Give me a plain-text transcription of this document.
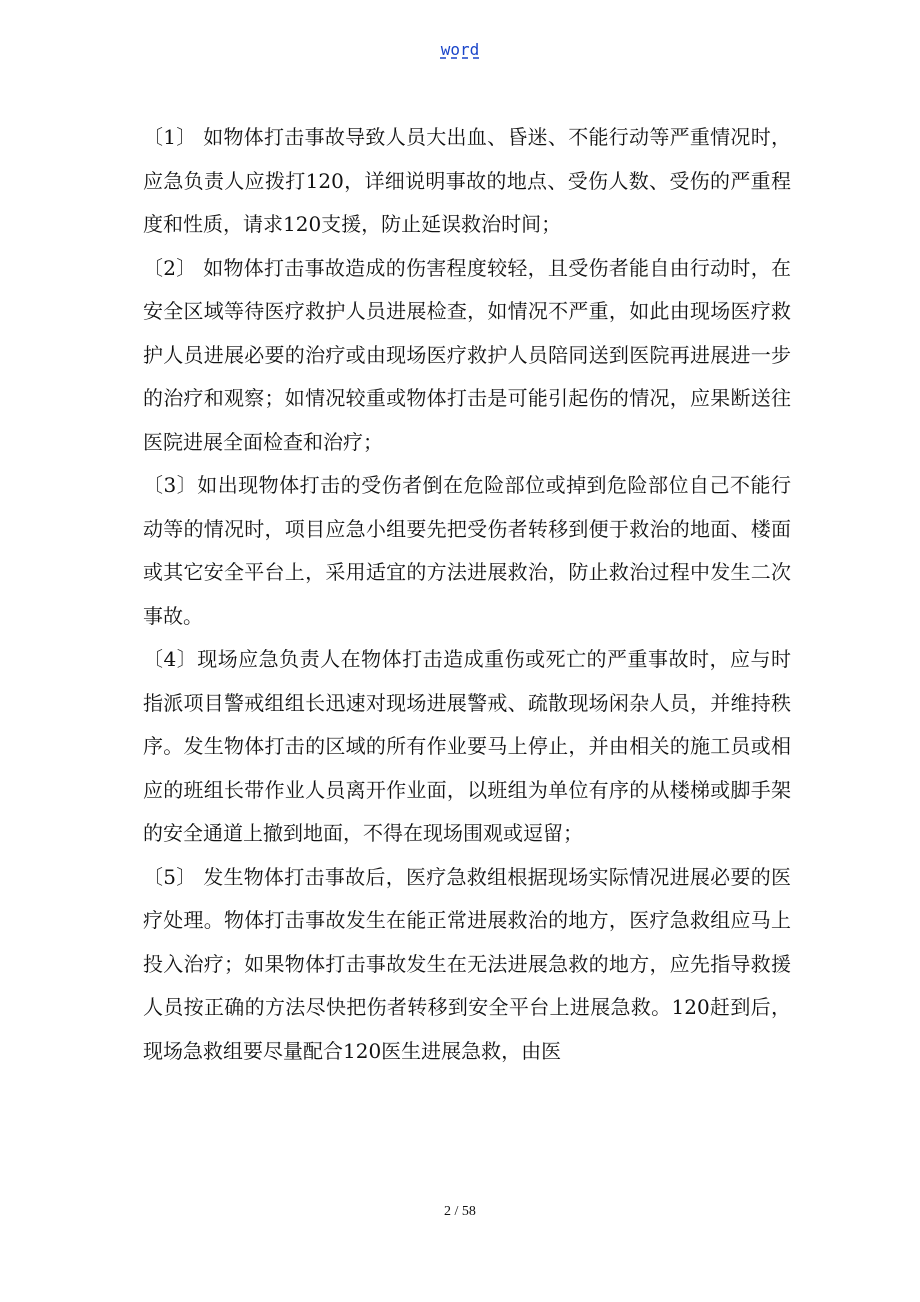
word

〔1〕 如物体打击事故导致人员大出血、昏迷、不能行动等严重情况时，应急负责人应拨打120，详细说明事故的地点、受伤人数、受伤的严重程度和性质，请求120支援，防止延误救治时间；

〔2〕 如物体打击事故造成的伤害程度较轻，且受伤者能自由行动时，在安全区域等待医疗救护人员进展检查，如情况不严重，如此由现场医疗救护人员进展必要的治疗或由现场医疗救护人员陪同送到医院再进展进一步的治疗和观察；如情况较重或物体打击是可能引起伤的情况，应果断送往医院进展全面检查和治疗；

〔3〕如出现物体打击的受伤者倒在危险部位或掉到危险部位自己不能行动等的情况时，项目应急小组要先把受伤者转移到便于救治的地面、楼面或其它安全平台上，采用适宜的方法进展救治，防止救治过程中发生二次事故。

〔4〕现场应急负责人在物体打击造成重伤或死亡的严重事故时，应与时指派项目警戒组组长迅速对现场进展警戒、疏散现场闲杂人员，并维持秩序。发生物体打击的区域的所有作业要马上停止，并由相关的施工员或相应的班组长带作业人员离开作业面，以班组为单位有序的从楼梯或脚手架的安全通道上撤到地面，不得在现场围观或逗留；

〔5〕 发生物体打击事故后，医疗急救组根据现场实际情况进展必要的医疗处理。物体打击事故发生在能正常进展救治的地方，医疗急救组应马上投入治疗；如果物体打击事故发生在无法进展急救的地方，应先指导救援人员按正确的方法尽快把伤者转移到安全平台上进展急救。120赶到后，现场急救组要尽量配合120医生进展急救，由医

2 / 58
